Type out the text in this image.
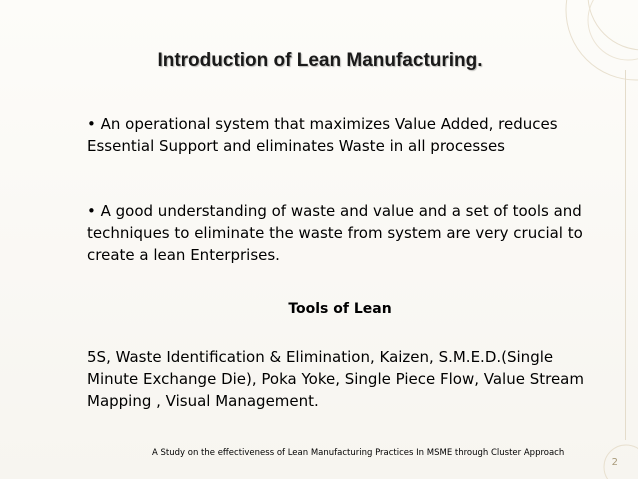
Introduction of Lean Manufacturing.
• An operational system that maximizes Value Added, reduces Essential Support and eliminates Waste in all processes
• A good understanding of waste and value and a set of tools and techniques to eliminate the waste from system are very crucial to create a lean Enterprises.
Tools of Lean
5S, Waste Identification & Elimination, Kaizen, S.M.E.D.(Single Minute Exchange Die), Poka Yoke, Single Piece Flow, Value Stream Mapping , Visual Management.
A Study on the effectiveness of Lean Manufacturing Practices In MSME through Cluster Approach
2
